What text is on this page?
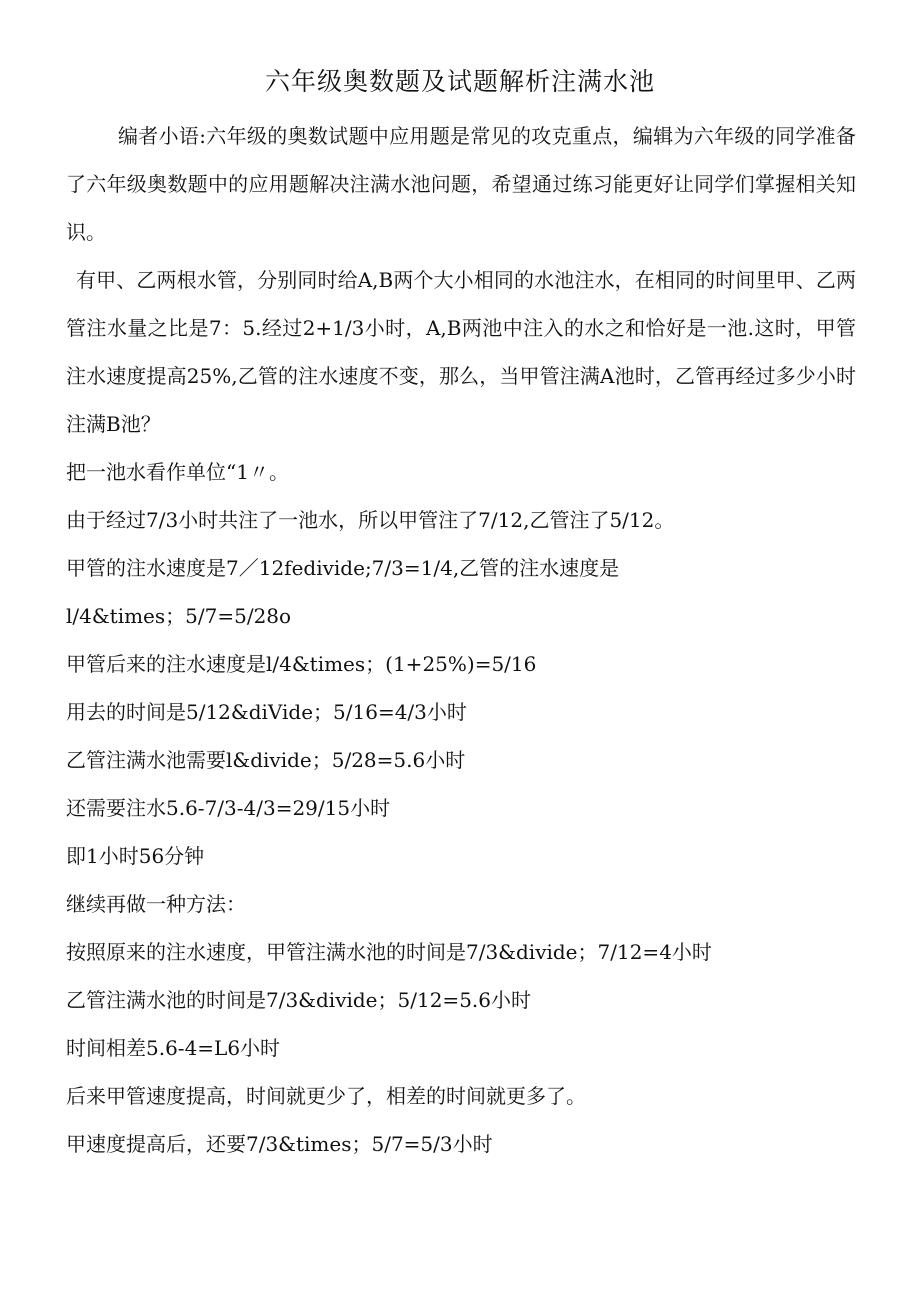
六年级奥数题及试题解析注满水池

编者小语:六年级的奥数试题中应用题是常见的攻克重点，编辑为六年级的同学准备了六年级奥数题中的应用题解决注满水池问题，希望通过练习能更好让同学们掌握相关知识。

有甲、乙两根水管，分别同时给A,B两个大小相同的水池注水，在相同的时间里甲、乙两管注水量之比是7：5.经过2+1/3小时，A,B两池中注入的水之和恰好是一池.这时，甲管注水速度提高25%,乙管的注水速度不变，那么，当甲管注满A池时，乙管再经过多少小时注满B池？

把一池水看作单位“1〃。
由于经过7/3小时共注了一池水，所以甲管注了7/12,乙管注了5/12。
甲管的注水速度是7／12fedivide;7/3=1/4,乙管的注水速度是
l/4&times；5/7=5/28o
甲管后来的注水速度是l/4&times；(1+25%)=5/16
用去的时间是5/12&diVide；5/16=4/3小时
乙管注满水池需要l&divide；5/28=5.6小时
还需要注水5.6-7/3-4/3=29/15小时
即1小时56分钟
继续再做一种方法：
按照原来的注水速度，甲管注满水池的时间是7/3&divide；7/12=4小时
乙管注满水池的时间是7/3&divide；5/12=5.6小时
时间相差5.6-4=L6小时
后来甲管速度提高，时间就更少了，相差的时间就更多了。
甲速度提高后，还要7/3&times；5/7=5/3小时
